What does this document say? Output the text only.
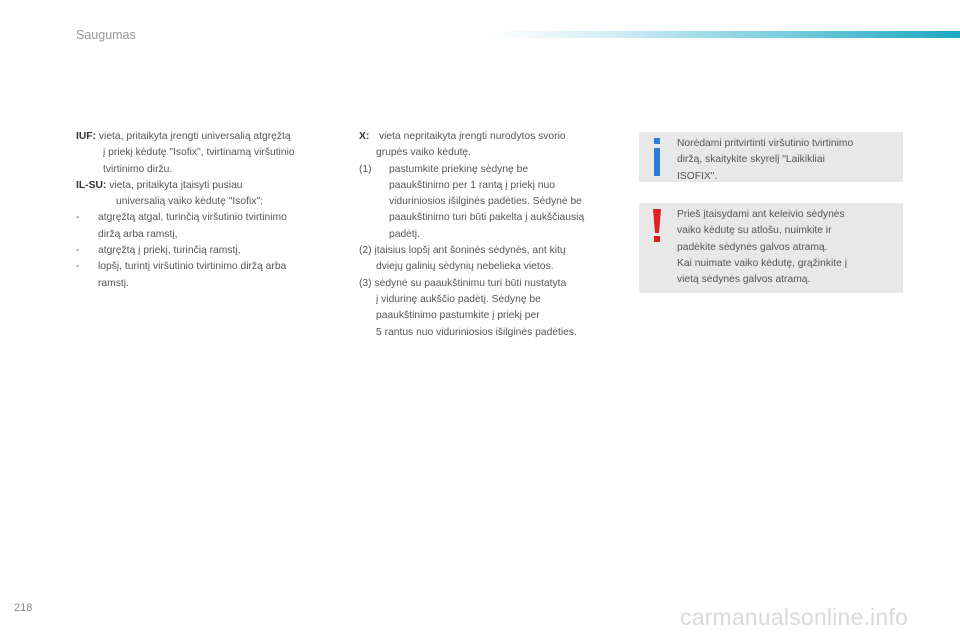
Saugumas

IUF: vieta, pritaikyta įrengti universalią atgręžtą

į priekį kėdutę "Isofix", tvirtinamą viršutinio

tvirtinimo diržu.

IL-SU: vieta, pritaikyta įtaisyti pusiau

universalią vaiko kėdutę "Isofix":

- atgręžtą atgal, turinčią viršutinio tvirtinimo

diržą arba ramstį,

- atgręžtą į priekį, turinčią ramstį,

- lopšį, turintį viršutinio tvirtinimo diržą arba

ramstį.

X: vieta nepritaikyta įrengti nurodytos svorio

grupės vaiko kėdutę.

(1) pastumkite priekinę sėdynę be

paaukštinimo per 1 rantą į priekį nuo

viduriniosios išilginės padėties. Sėdynė be

paaukštinimo turi būti pakelta į aukščiausią

padėtį.

(2) įtaisius lopšį ant šoninės sėdynės, ant kitų

dviejų galinių sėdynių nebelieka vietos.

(3) sėdynė su paaukštinimu turi būti nustatyta

į vidurinę aukščio padėtį. Sėdynę be

paaukštinimo pastumkite į priekį per

5 rantus nuo viduriniosios išilginės padėties.

Norėdami pritvirtinti viršutinio tvirtinimo

diržą, skaitykite skyrelį "Laikikliai

ISOFIX".

Prieš įtaisydami ant keleivio sėdynės

vaiko kėdutę su atlošu, nuimkite ir

padėkite sėdynės galvos atramą.

Kai nuimate vaiko kėdutę, grąžinkite į

vietą sėdynės galvos atramą.

218	carmanualsonline.info
